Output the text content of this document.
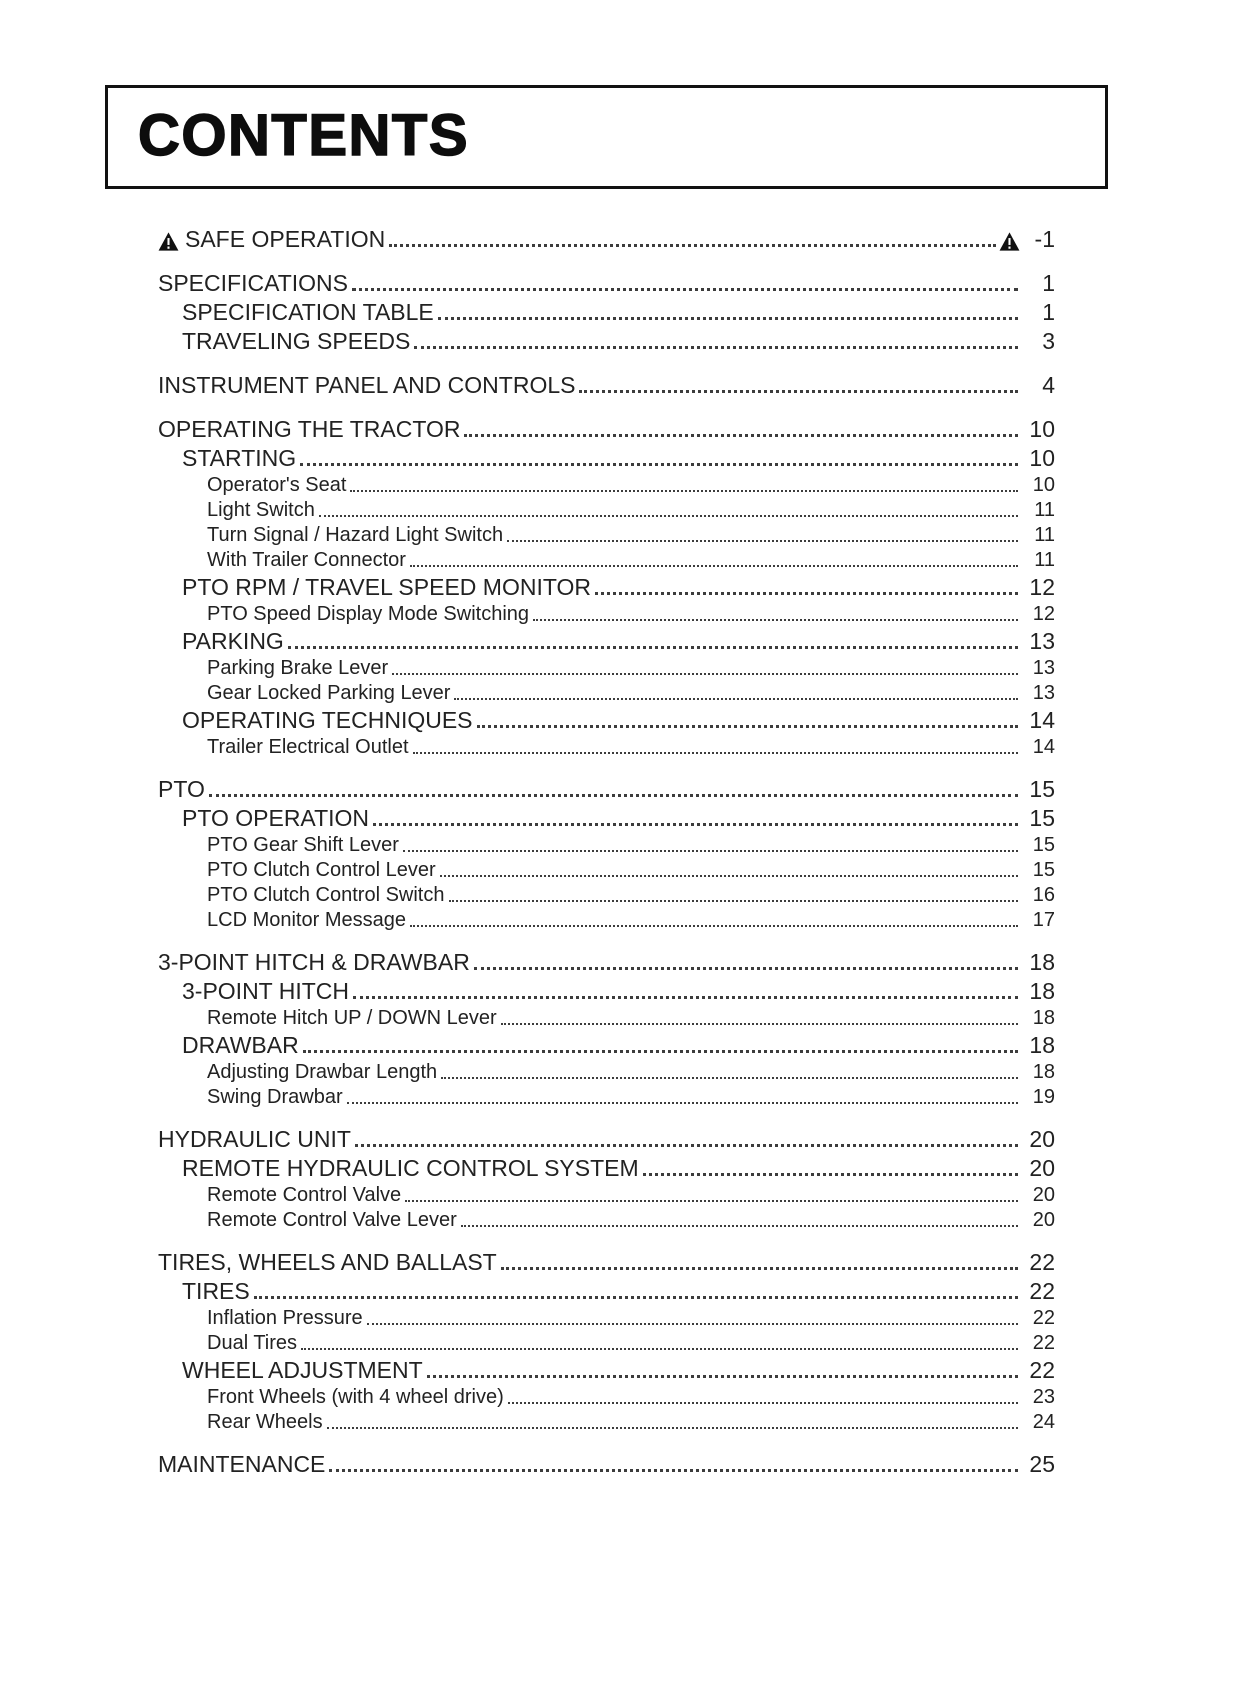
CONTENTS
SAFE OPERATION	-1
SPECIFICATIONS	1
SPECIFICATION TABLE	1
TRAVELING SPEEDS	3
INSTRUMENT PANEL AND CONTROLS	4
OPERATING THE TRACTOR	10
STARTING	10
Operator's Seat	10
Light Switch	11
Turn Signal / Hazard Light Switch	11
With Trailer Connector	11
PTO RPM / TRAVEL SPEED MONITOR	12
PTO Speed Display Mode Switching	12
PARKING	13
Parking Brake Lever	13
Gear Locked Parking Lever	13
OPERATING TECHNIQUES	14
Trailer Electrical Outlet	14
PTO	15
PTO OPERATION	15
PTO Gear Shift Lever	15
PTO Clutch Control Lever	15
PTO Clutch Control Switch	16
LCD Monitor Message	17
3-POINT HITCH & DRAWBAR	18
3-POINT HITCH	18
Remote Hitch UP / DOWN Lever	18
DRAWBAR	18
Adjusting Drawbar Length	18
Swing Drawbar	19
HYDRAULIC UNIT	20
REMOTE HYDRAULIC CONTROL SYSTEM	20
Remote Control Valve	20
Remote Control Valve Lever	20
TIRES, WHEELS AND BALLAST	22
TIRES	22
Inflation Pressure	22
Dual Tires	22
WHEEL ADJUSTMENT	22
Front Wheels (with 4 wheel drive)	23
Rear Wheels	24
MAINTENANCE	25
